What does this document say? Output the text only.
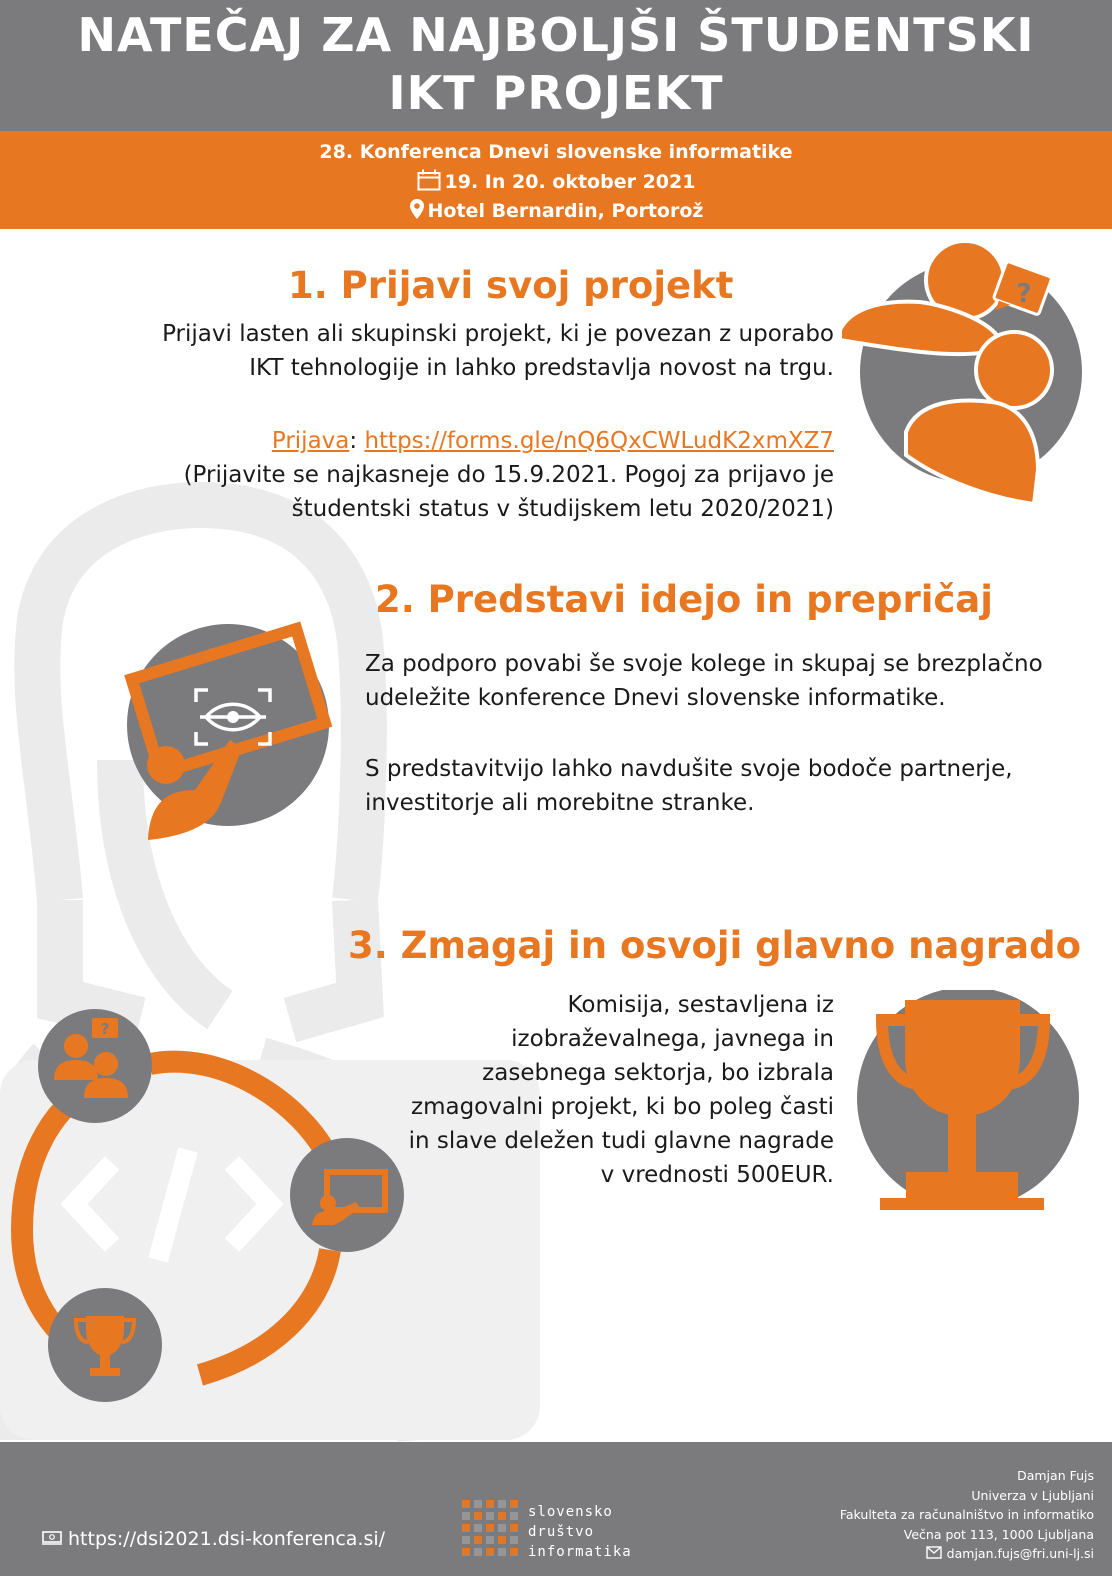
NATEČAJ ZA NAJBOLJŠI ŠTUDENTSKI
IKT PROJEKT
28. Konferenca Dnevi slovenske informatike
19. In 20. oktober 2021
Hotel Bernardin, Portorož
?
?
1. Prijavi svoj projekt
Prijavi lasten ali skupinski projekt, ki je povezan z uporabo
IKT tehnologije in lahko predstavlja novost na trgu.
Prijava: https://forms.gle/nQ6QxCWLudK2xmXZ7
(Prijavite se najkasneje do 15.9.2021. Pogoj za prijavo je
študentski status v študijskem letu 2020/2021)
2. Predstavi idejo in prepričaj
Za podporo povabi še svoje kolege in skupaj se brezplačno
udeležite konference Dnevi slovenske informatike.
S predstavitvijo lahko navdušite svoje bodoče partnerje,
investitorje ali morebitne stranke.
3. Zmagaj in osvoji glavno nagrado
Komisija, sestavljena iz
izobraževalnega, javnega in
zasebnega sektorja, bo izbrala
zmagovalni projekt, ki bo poleg časti
in slave deležen tudi glavne nagrade
v vrednosti 500EUR.
https://dsi2021.dsi-konferenca.si/
slovensko
društvo
informatika
Damjan Fujs
Univerza v Ljubljani
Fakulteta za računalništvo in informatiko
Večna pot 113, 1000 Ljubljana
damjan.fujs@fri.uni-lj.si
